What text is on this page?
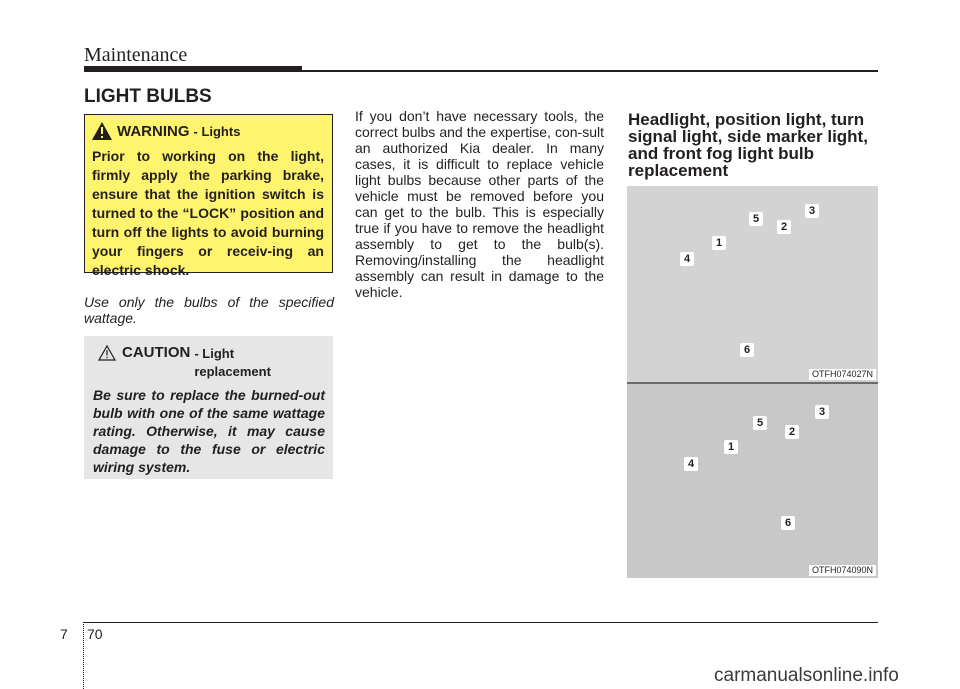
Maintenance
LIGHT BULBS
WARNING - Lights
Prior to working on the light, firmly apply the parking brake, ensure that the ignition switch is turned to the “LOCK” position and turn off the lights to avoid burning your fingers or receiv-ing an electric shock.
Use only the bulbs of the specified wattage.
CAUTION - Light replacement
Be sure to replace the burned-out bulb with one of the same wattage rating. Otherwise, it may cause damage to the fuse or electric wiring system.
If you don’t have necessary tools, the correct bulbs and the expertise, con-sult an authorized Kia dealer. In many cases, it is difficult to replace vehicle light bulbs because other parts of the vehicle must be removed before you can get to the bulb. This is especially true if you have to remove the headlight assembly to get to the bulb(s). Removing/installing the headlight assembly can result in damage to the vehicle.
Headlight, position light, turn signal light, side marker light, and front fog light bulb replacement
5
2
3
1
4
6
OTFH074027N
5
2
3
1
4
6
OTFH074090N
7 70
carmanualsonline.info
